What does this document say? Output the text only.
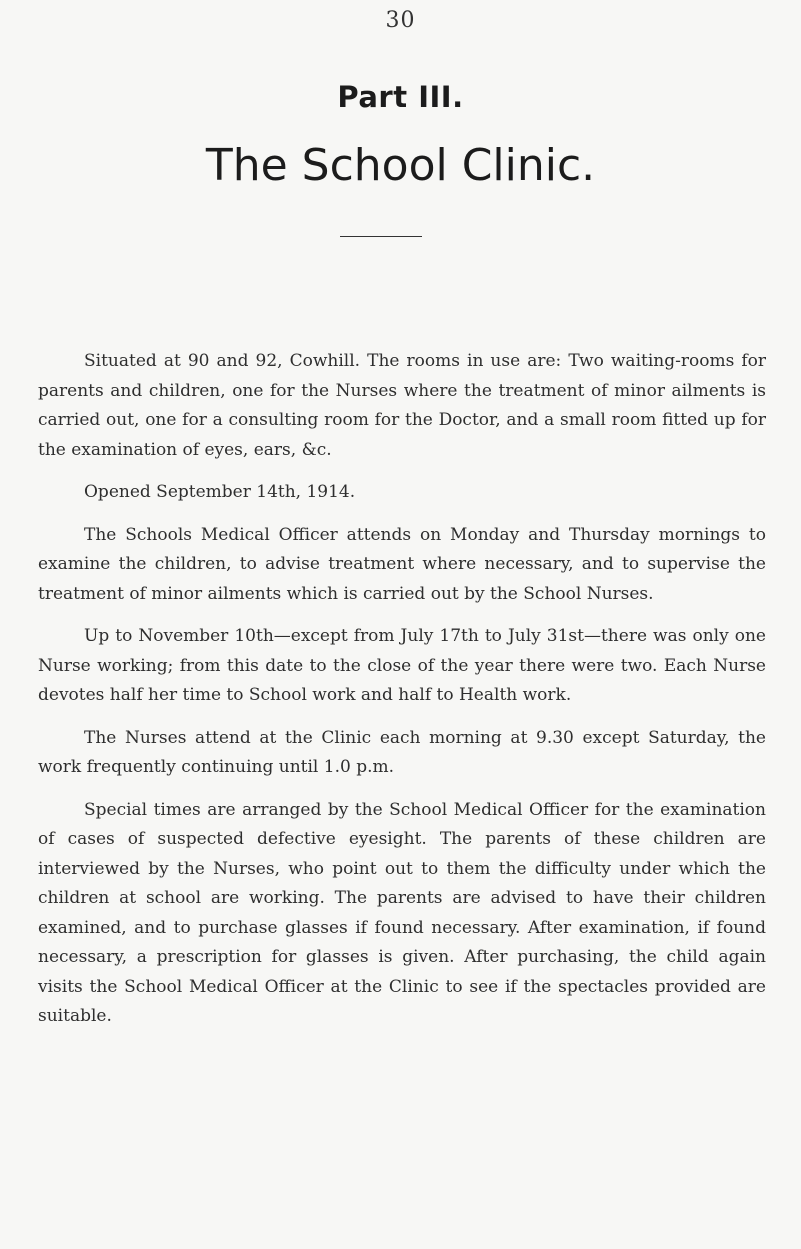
30
Part III.
The School Clinic.

Situated at 90 and 92, Cowhill. The rooms in use are: Two waiting-rooms for parents and children, one for the Nurses where the treatment of minor ailments is carried out, one for a consulting room for the Doctor, and a small room fitted up for the examination of eyes, ears, &c.

Opened September 14th, 1914.

The Schools Medical Officer attends on Monday and Thursday mornings to examine the children, to advise treatment where necessary, and to supervise the treatment of minor ailments which is carried out by the School Nurses.

Up to November 10th—except from July 17th to July 31st—there was only one Nurse working; from this date to the close of the year there were two. Each Nurse devotes half her time to School work and half to Health work.

The Nurses attend at the Clinic each morning at 9.30 except Saturday, the work frequently continuing until 1.0 p.m.

Special times are arranged by the School Medical Officer for the examination of cases of suspected defective eyesight. The parents of these children are interviewed by the Nurses, who point out to them the difficulty under which the children at school are working. The parents are advised to have their children examined, and to purchase glasses if found necessary. After examination, if found necessary, a prescription for glasses is given. After purchasing, the child again visits the School Medical Officer at the Clinic to see if the spectacles provided are suitable.
